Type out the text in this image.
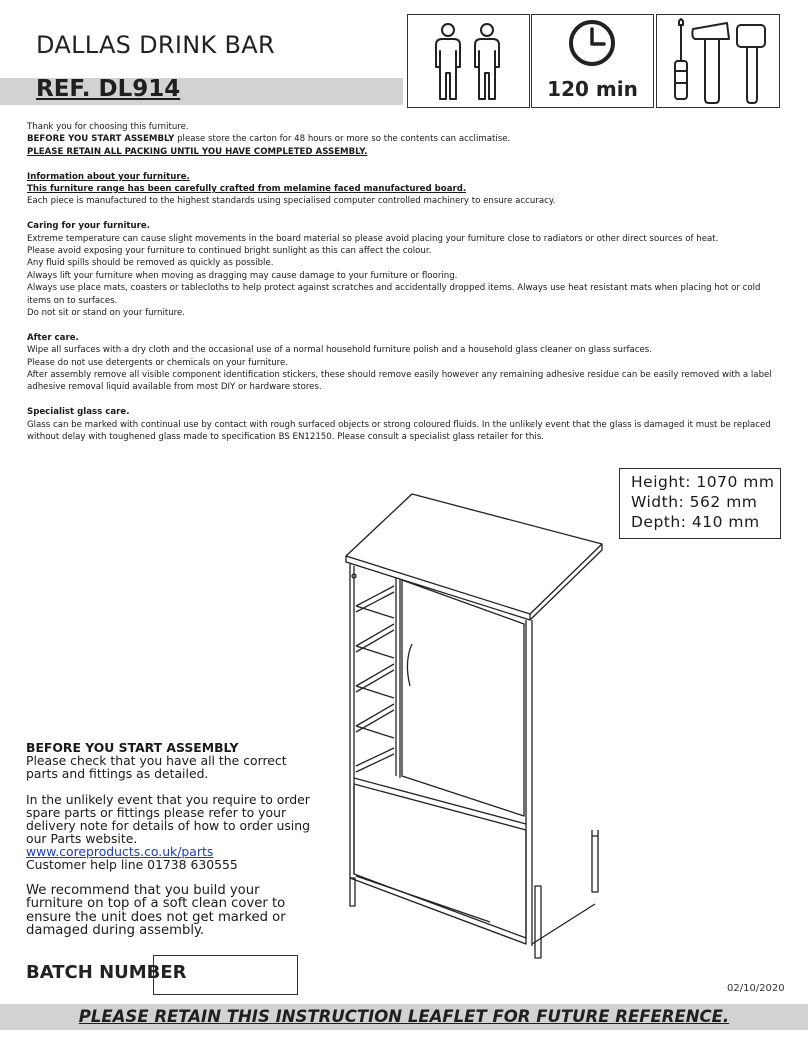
DALLAS DRINK BAR
REF. DL914	120 min

Thank you for choosing this furniture.

BEFORE YOU START ASSEMBLY please store the carton for 48 hours or more so the contents can acclimatise.

PLEASE RETAIN ALL PACKING UNTIL YOU HAVE COMPLETED ASSEMBLY.

Information about your furniture.

This furniture range has been carefully crafted from melamine faced manufactured board.

Each piece is manufactured to the highest standards using specialised computer controlled machinery to ensure accuracy.

Caring for your furniture.

Extreme temperature can cause slight movements in the board material so please avoid placing your furniture close to radiators or other direct sources of heat.

Please avoid exposing your furniture to continued bright sunlight as this can affect the colour.

Any fluid spills should be removed as quickly as possible.

Always lift your furniture when moving as dragging may cause damage to your furniture or flooring.

Always use place mats, coasters or tablecloths to help protect against scratches and accidentally dropped items. Always use heat resistant mats when placing hot or cold items on to surfaces.

Do not sit or stand on your furniture.

After care.

Wipe all surfaces with a dry cloth and the occasional use of a normal household furniture polish and a household glass cleaner on glass surfaces.

Please do not use detergents or chemicals on your furniture.

After assembly remove all visible component identification stickers, these should remove easily however any remaining adhesive residue can be easily removed with a label adhesive removal liquid available from most DIY or hardware stores.

Specialist glass care.

Glass can be marked with continual use by contact with rough surfaced objects or strong coloured fluids. In the unlikely event that the glass is damaged it must be replaced without delay with toughened glass made to specification BS EN12150. Please consult a specialist glass retailer for this.

Height: 1070 mm
Width: 562 mm
Depth: 410 mm

BEFORE YOU START ASSEMBLY

Please check that you have all the correct parts and fittings as detailed.

In the unlikely event that you require to order spare parts or fittings please refer to your delivery note for details of how to order using our Parts website.

www.coreproducts.co.uk/parts

Customer help line 01738 630555

We recommend that you build your furniture on top of a soft clean cover to ensure the unit does not get marked or damaged during assembly.

BATCH NUMBER
02/10/2020
PLEASE RETAIN THIS INSTRUCTION LEAFLET FOR FUTURE REFERENCE.
